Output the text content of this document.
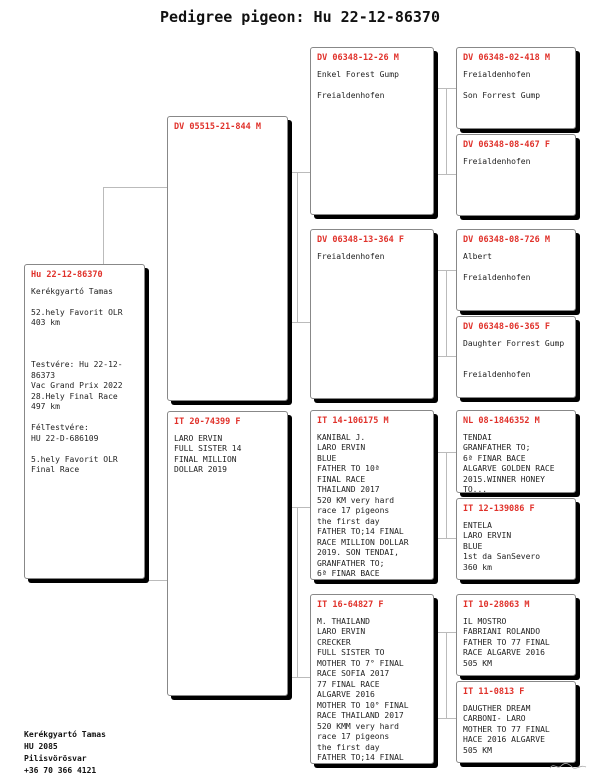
Pedigree pigeon: Hu 22-12-86370
Hu 22-12-86370
Kerékgyartó Tamas

52.hely Favorit OLR
403 km

Testvére: Hu 22-12-86373
Vac Grand Prix 2022
28.Hely Final Race
497 km

FélTestvére:
HU 22-D-686109

5.hely Favorit OLR
Final Race
DV 05515-21-844 M
IT 20-74399 F
LARO ERVIN
FULL SISTER 14
FINAL MILLION
DOLLAR 2019
DV 06348-12-26 M
Enkel Forest Gump

Freialdenhofen
DV 06348-13-364 F
Freialdenhofen
IT 14-106175 M
KANIBAL J.
LARO ERVIN
BLUE
FATHER TO 10ª
FINAL RACE
THAILAND 2017
520 KM very hard
race 17 pigeons
the first day
FATHER TO;14 FINAL
RACE MILLION DOLLAR
2019. SON TENDAI,
GRANFATHER TO;
6ª FINAR BACE
IT 16-64827 F
M. THAILAND
LARO ERVIN
CRECKER
FULL SISTER TO
MOTHER TO 7° FINAL
RACE SOFIA 2017
77 FINAL RACE
ALGARVE 2016
MOTHER TO 10° FINAL
RACE THAILAND 2017
520 KMM very hard
race 17 pigeons
the first day
FATHER TO;14 FINAL
DV 06348-02-418 M
Freialdenhofen

Son Forrest Gump
DV 06348-08-467 F
Freialdenhofen
DV 06348-08-726 M
Albert

Freialdenhofen
DV 06348-06-365 F
Daughter Forrest Gump

Freialdenhofen
NL 08-1846352 M
TENDAI
GRANFATHER TO;
6ª FINAR BACE
ALGARVE GOLDEN RACE
2015.WINNER HONEY
TO...
IT 12-139086 F
ENTELA
LARO ERVIN
BLUE
1st da SanSevero
360 km
IT 10-28063 M
IL MOSTRO
FABRIANI ROLANDO
FATHER TO 77 FINAL
RACE ALGARVE 2016
505 KM
IT 11-0813 F
DAUGTHER DREAM
CARBONI- LARO
MOTHER TO 77 FINAL
HACE 2016 ALGARVE
505 KM
Kerékgyartó Tamas
HU 2085
Pilisvörösvar
+36 70 366 4121
